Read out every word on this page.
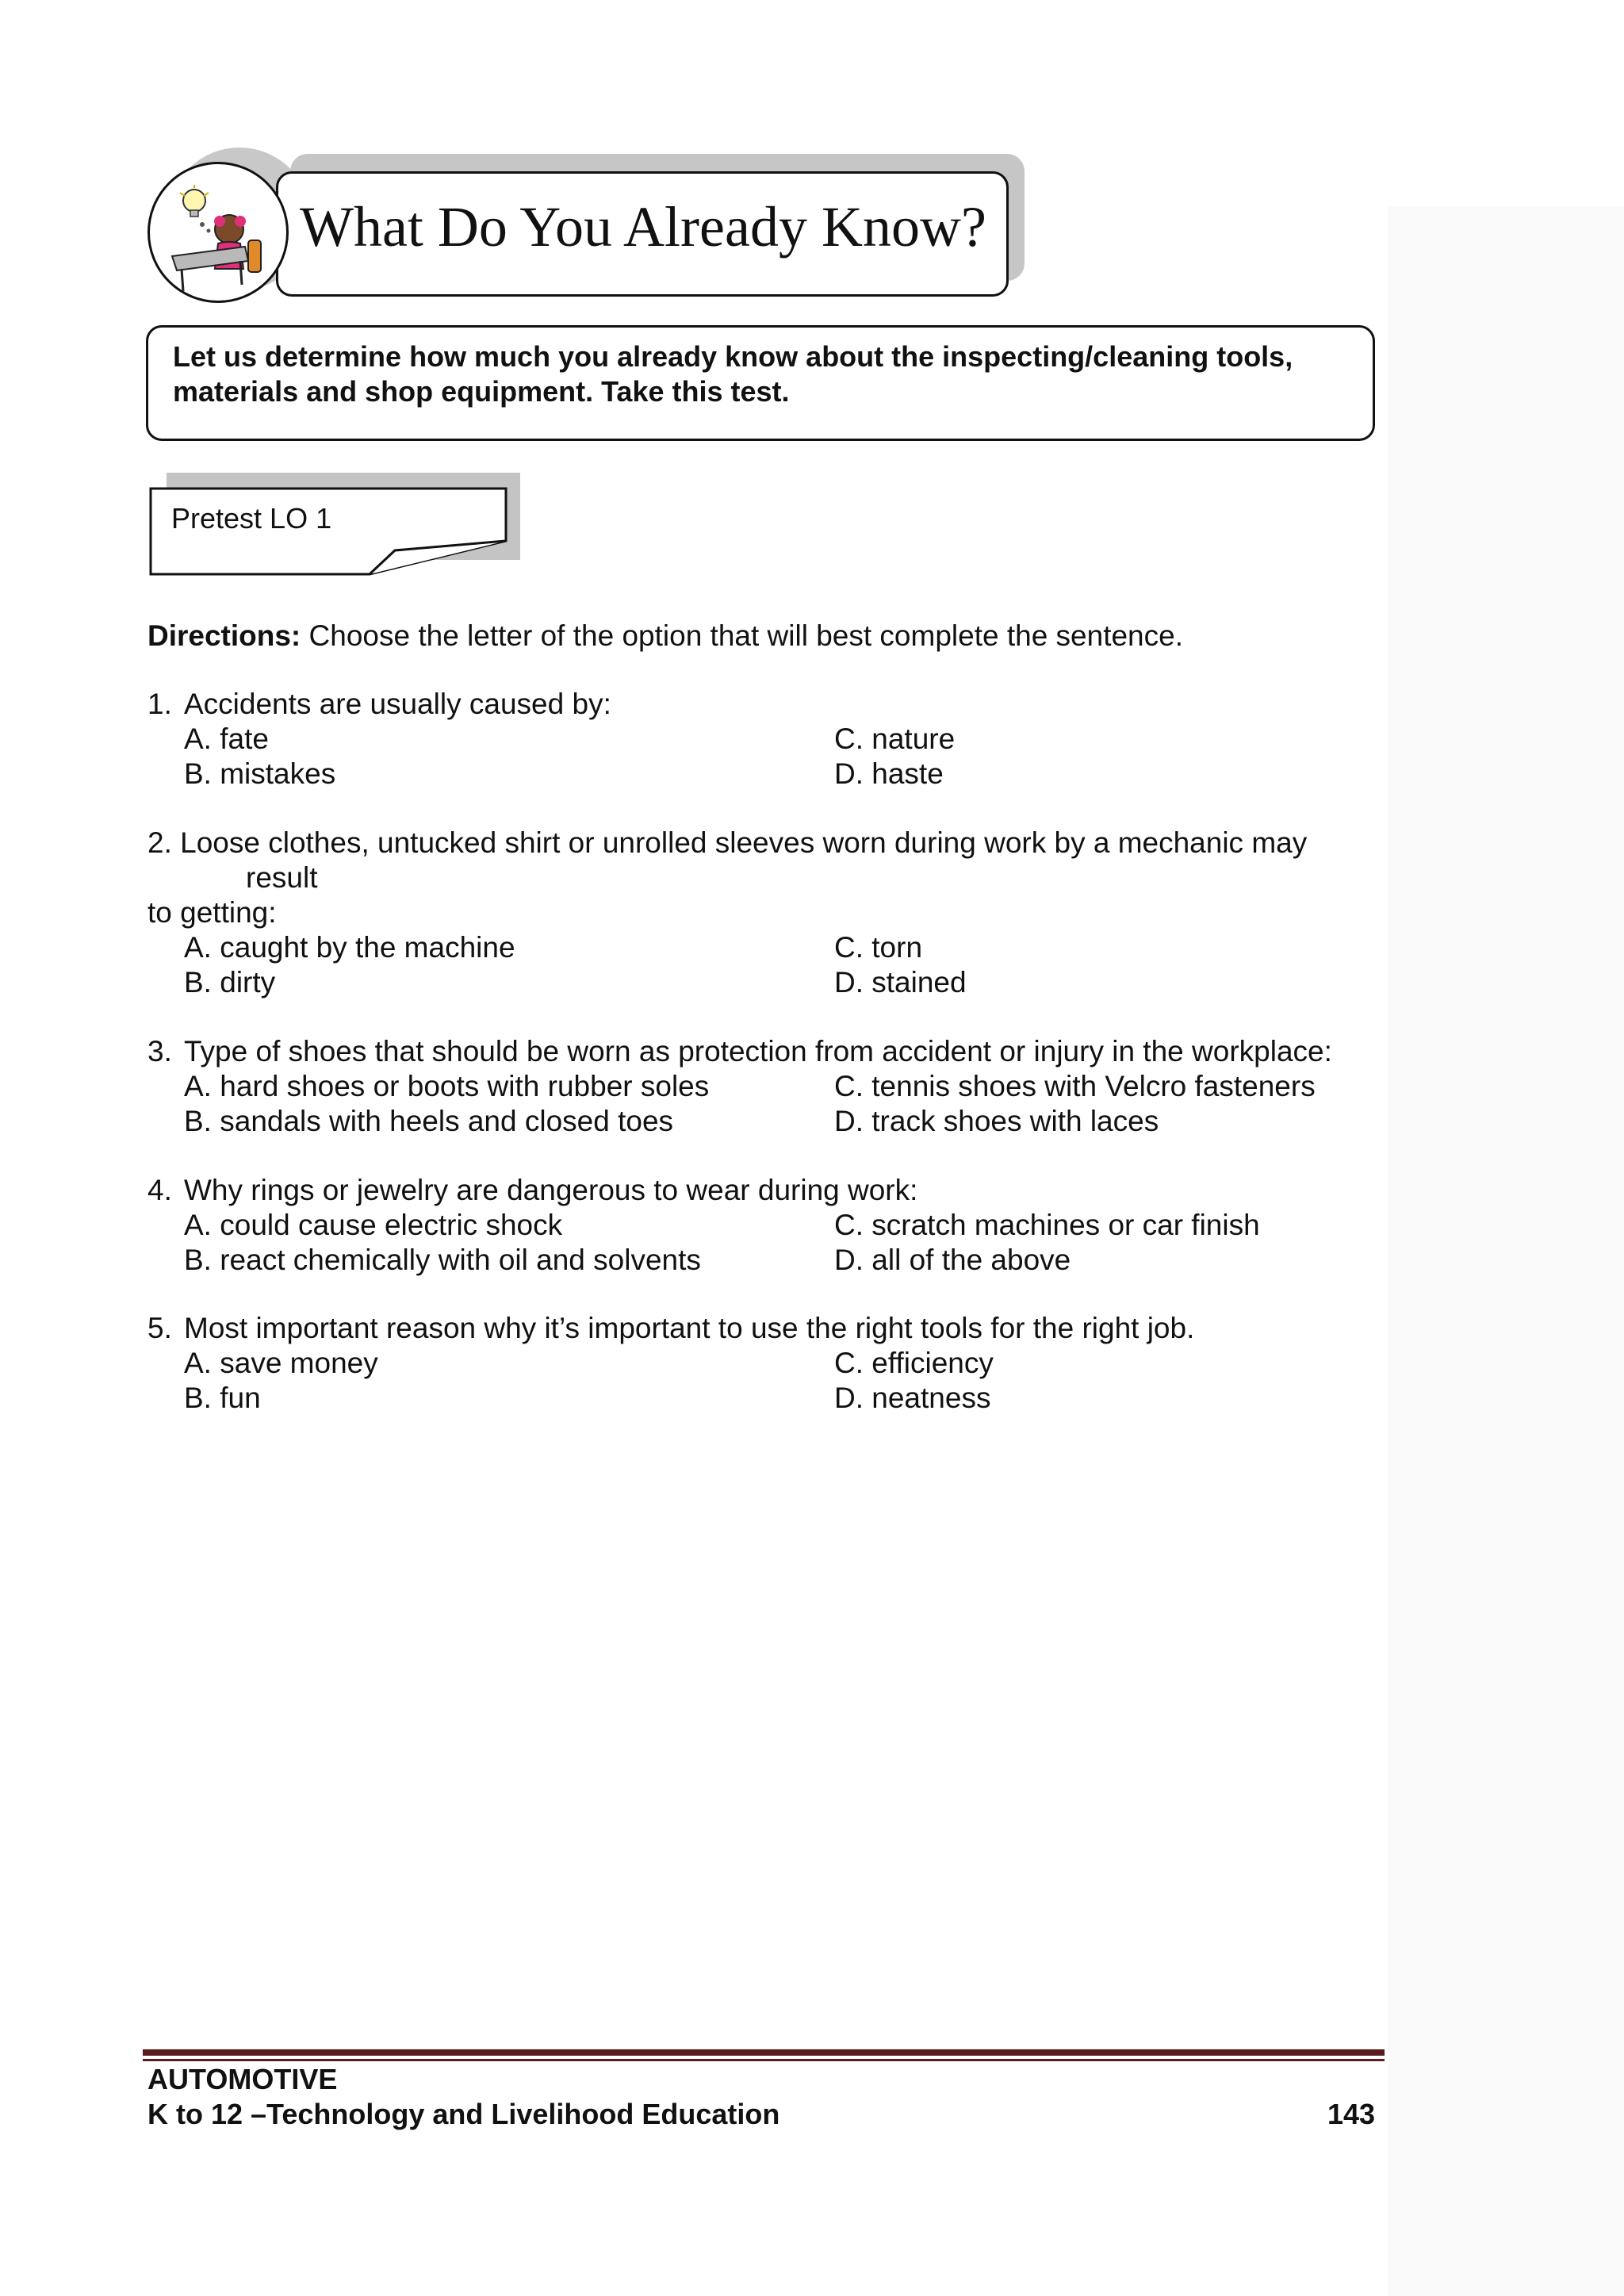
What Do You Already Know?
Let us determine how much you already know about the inspecting/cleaning tools, materials and shop equipment. Take this test.
Pretest LO 1
Directions: Choose the letter of the option that will best complete the sentence.
1. Accidents are usually caused by:
A. fate
B. mistakes
C. nature
D. haste
2. Loose clothes, untucked shirt or unrolled sleeves worn during work by a mechanic may
result
to getting:
A. caught by the machine
B. dirty
C. torn
D. stained
3. Type of shoes that should be worn as protection from accident or injury in the workplace:
A. hard shoes or boots with rubber soles
B. sandals with heels and closed toes
C. tennis shoes with Velcro fasteners
D. track shoes with laces
4. Why rings or jewelry are dangerous to wear during work:
A. could cause electric shock
B. react chemically with oil and solvents
C. scratch machines or car finish
D. all of the above
5. Most important reason why it’s important to use the right tools for the right job.
A. save money
B. fun
C. efficiency
D. neatness
AUTOMOTIVE
K to 12 –Technology and Livelihood Education	143
